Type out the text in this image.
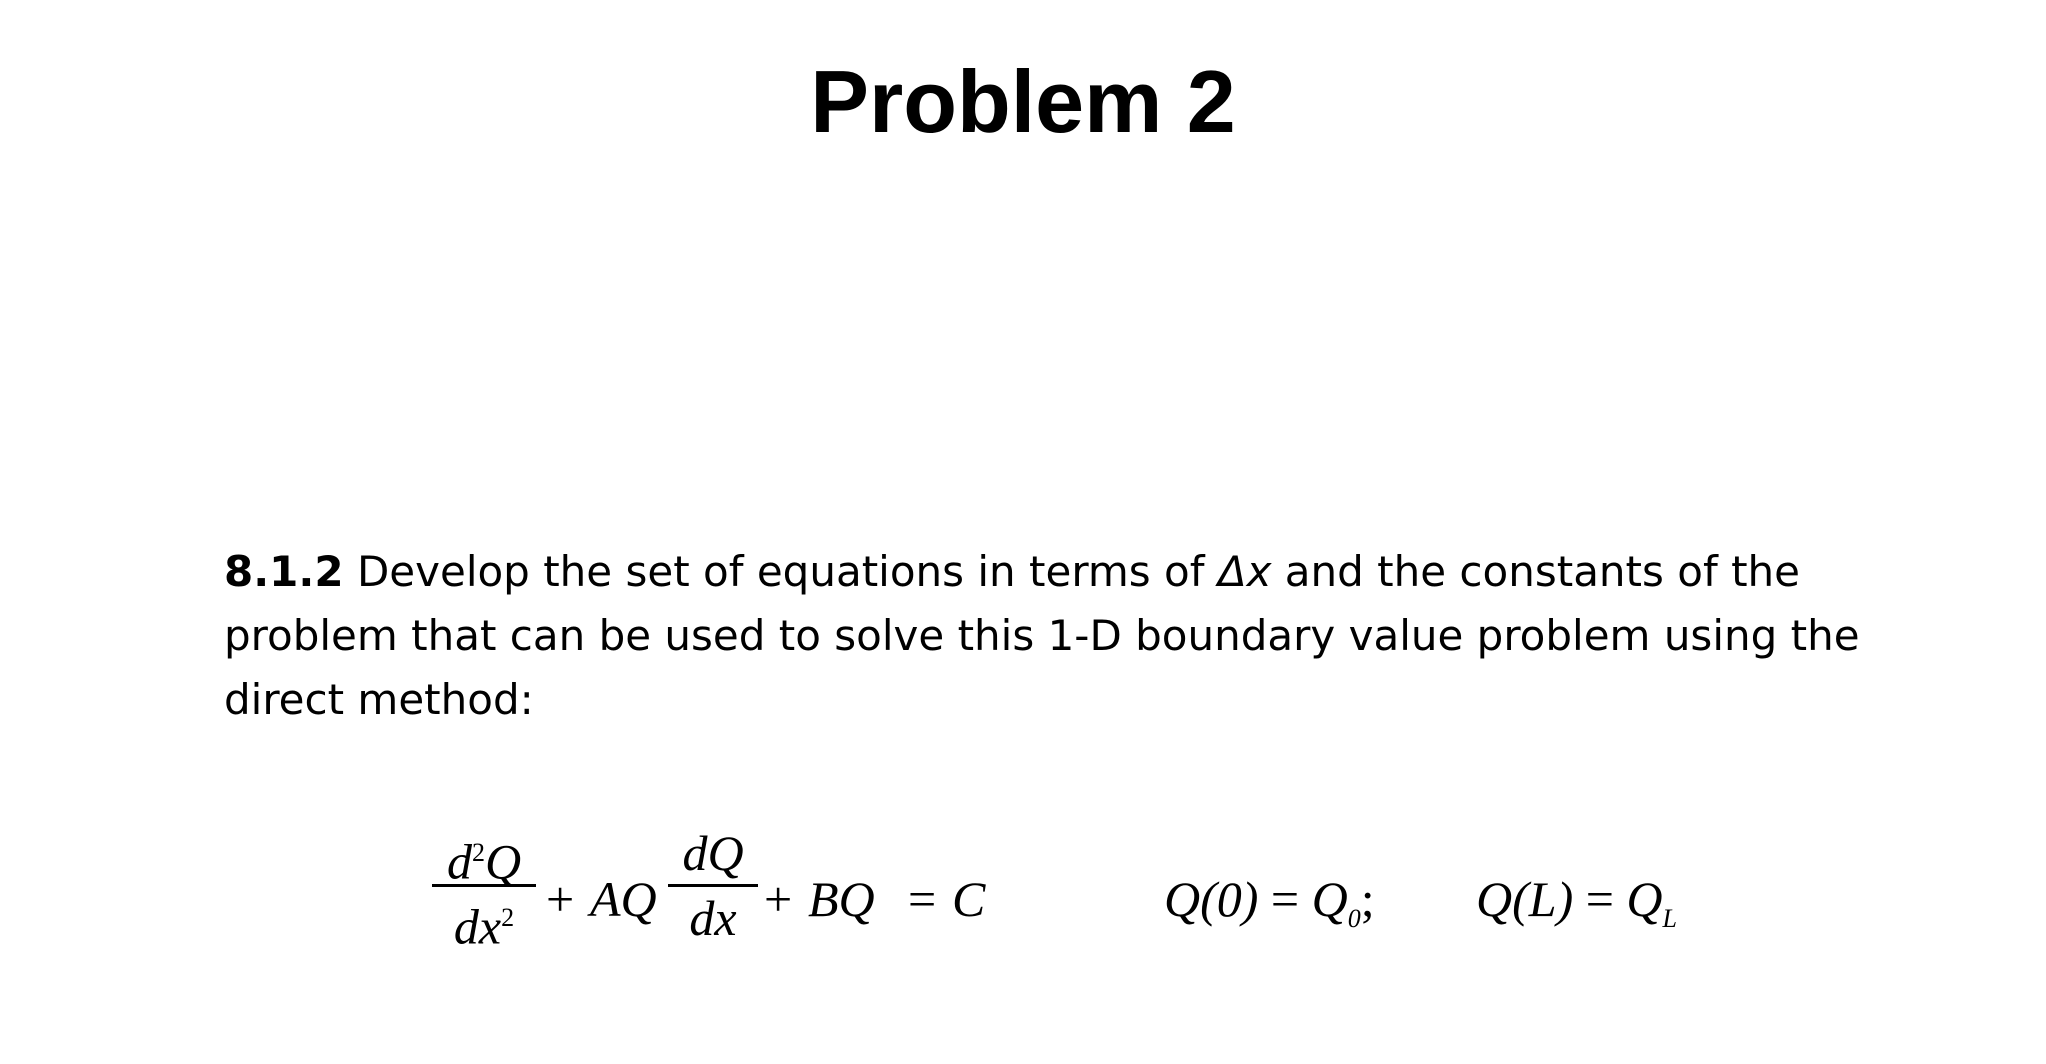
Problem 2
8.1.2 Develop the set of equations in terms of Δx and the constants of the problem that can be used to solve this 1-D boundary value problem using the direct method:
$d^2Q$
$dx^2$ + AQ
dQ
dx + BQ = C	$Q(0) = Q_0$; $Q(L) = Q_L$
